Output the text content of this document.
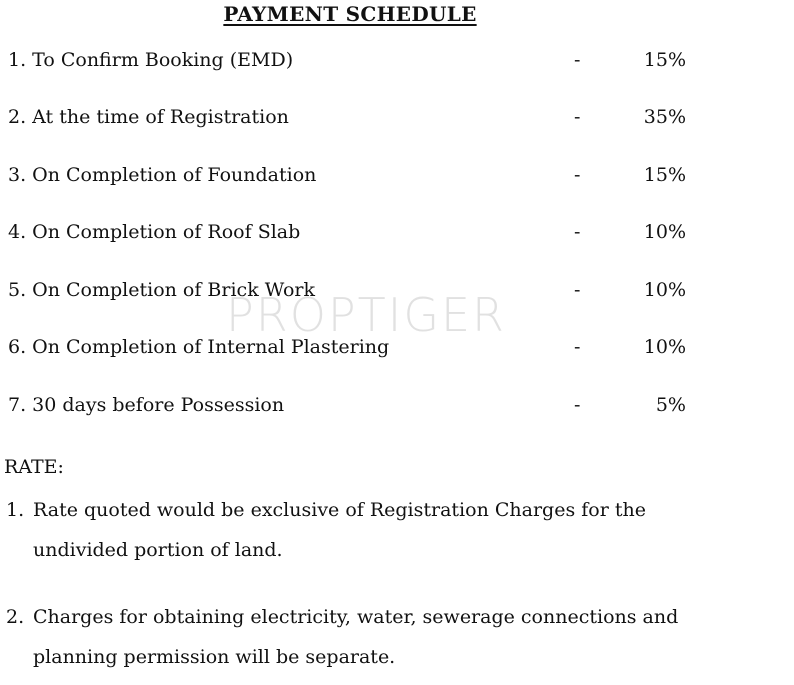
PAYMENT SCHEDULE
1. To Confirm Booking (EMD)	-	15%
2. At the time of Registration	-	35%
3. On Completion of Foundation	-	15%
4. On Completion of Roof Slab	-	10%
5. On Completion of Brick Work	-	10%
6. On Completion of Internal Plastering	-	10%
7. 30 days before Possession	-	5%
PROPTIGER
RATE:
1. Rate quoted would be exclusive of Registration Charges for the
undivided portion of land.
2. Charges for obtaining electricity, water, sewerage connections and
planning permission will be separate.
